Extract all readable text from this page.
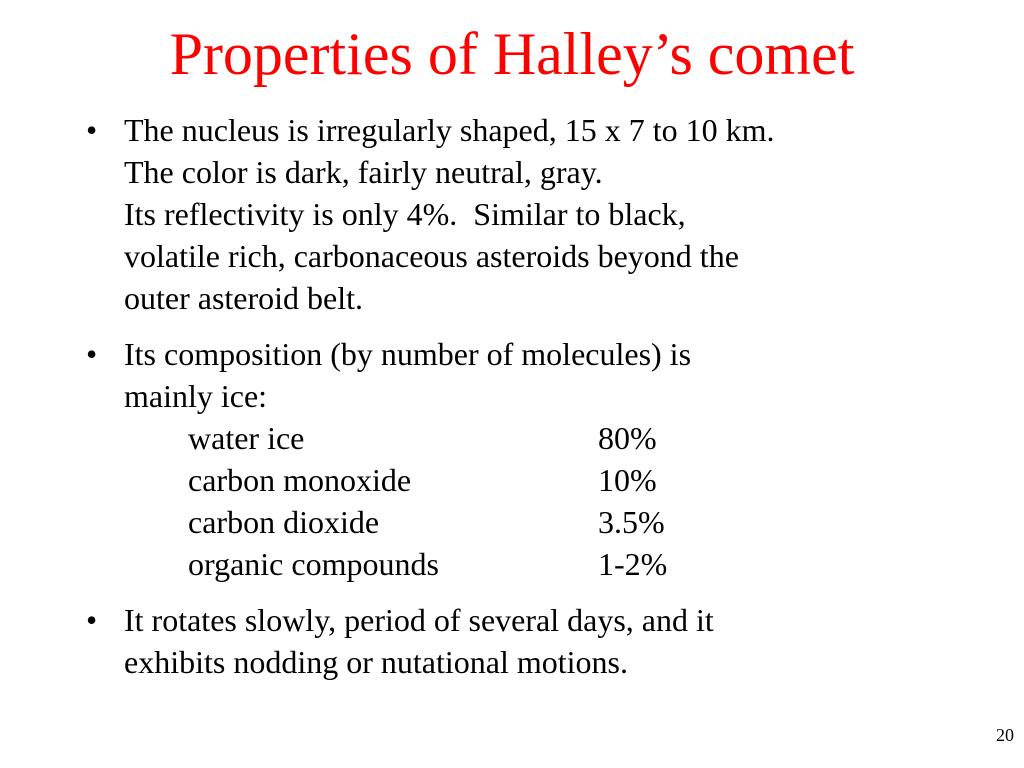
Properties of Halley’s comet
• The nucleus is irregularly shaped, 15 x 7 to 10 km.
The color is dark, fairly neutral, gray.
Its reflectivity is only 4%.  Similar to black,
volatile rich, carbonaceous asteroids beyond the
outer asteroid belt.
• Its composition (by number of molecules) is
mainly ice:
water ice	80%
carbon monoxide	10%
carbon dioxide	3.5%
organic compounds	1-2%
• It rotates slowly, period of several days, and it
exhibits nodding or nutational motions.
20
